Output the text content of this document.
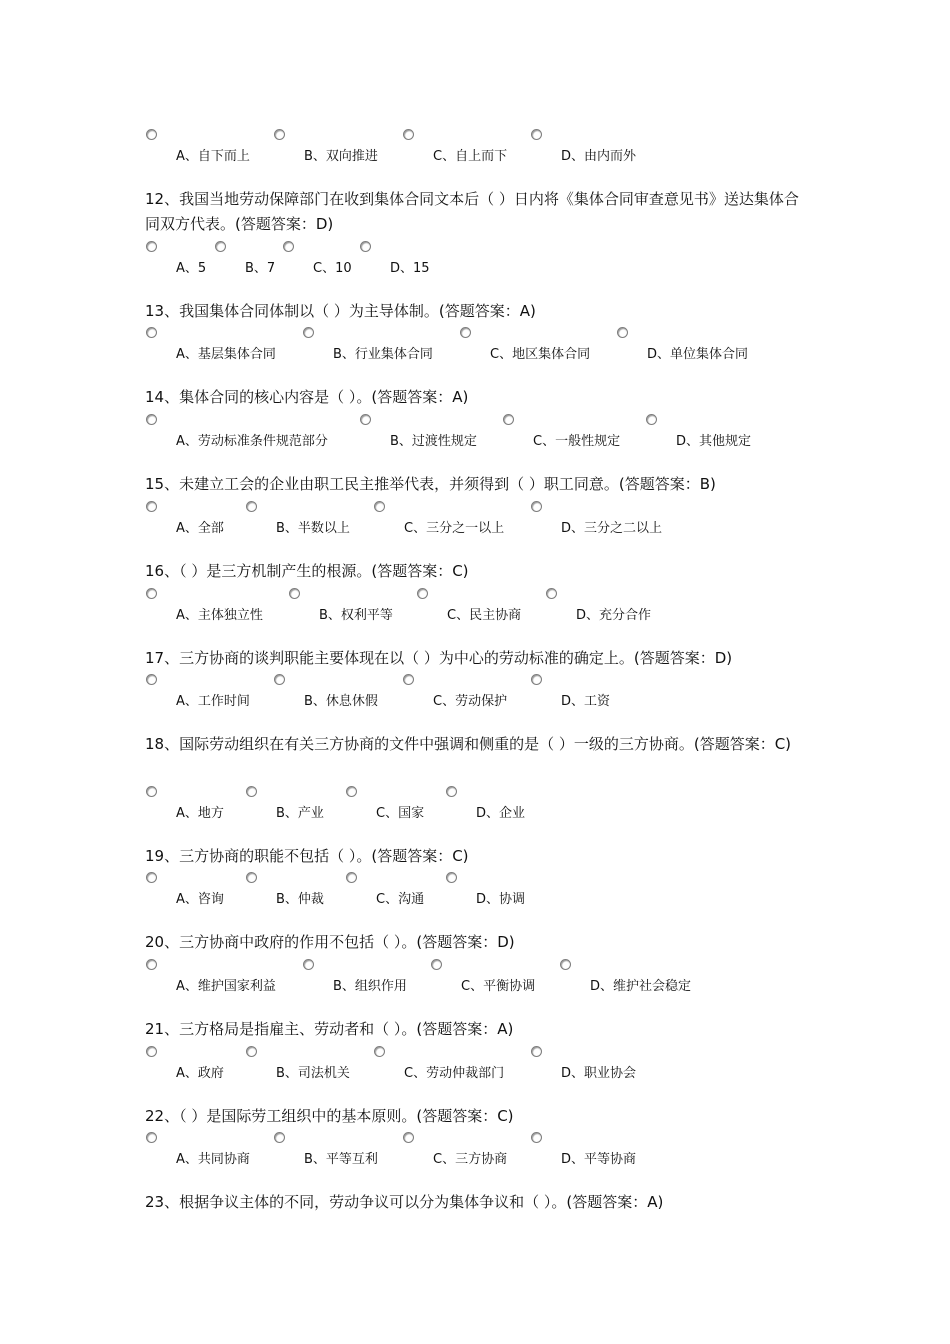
A、自下而上	B、双向推进	C、自上而下	D、由内而外

12、我国当地劳动保障部门在收到集体合同文本后（ ）日内将《集体合同审查意见书》送达集体合同双方代表。(答题答案：D)

A、5	B、7	C、10	D、15

13、我国集体合同体制以（ ）为主导体制。(答题答案：A)

A、基层集体合同	B、行业集体合同	C、地区集体合同	D、单位集体合同

14、集体合同的核心内容是（ ）。(答题答案：A)

A、劳动标准条件规范部分	B、过渡性规定	C、一般性规定	D、其他规定

15、未建立工会的企业由职工民主推举代表，并须得到（ ）职工同意。(答题答案：B)

A、全部	B、半数以上	C、三分之一以上	D、三分之二以上

16、（ ）是三方机制产生的根源。(答题答案：C)

A、主体独立性	B、权利平等	C、民主协商	D、充分合作

17、三方协商的谈判职能主要体现在以（ ）为中心的劳动标准的确定上。(答题答案：D)

A、工作时间	B、休息休假	C、劳动保护	D、工资

18、国际劳动组织在有关三方协商的文件中强调和侧重的是（ ）一级的三方协商。(答题答案：C)

A、地方	B、产业	C、国家	D、企业

19、三方协商的职能不包括（ ）。(答题答案：C)

A、咨询	B、仲裁	C、沟通	D、协调

20、三方协商中政府的作用不包括（ ）。(答题答案：D)

A、维护国家利益	B、组织作用	C、平衡协调	D、维护社会稳定

21、三方格局是指雇主、劳动者和（ ）。(答题答案：A)

A、政府	B、司法机关	C、劳动仲裁部门	D、职业协会

22、（ ）是国际劳工组织中的基本原则。(答题答案：C)

A、共同协商	B、平等互利	C、三方协商	D、平等协商

23、根据争议主体的不同，劳动争议可以分为集体争议和（ ）。(答题答案：A)
